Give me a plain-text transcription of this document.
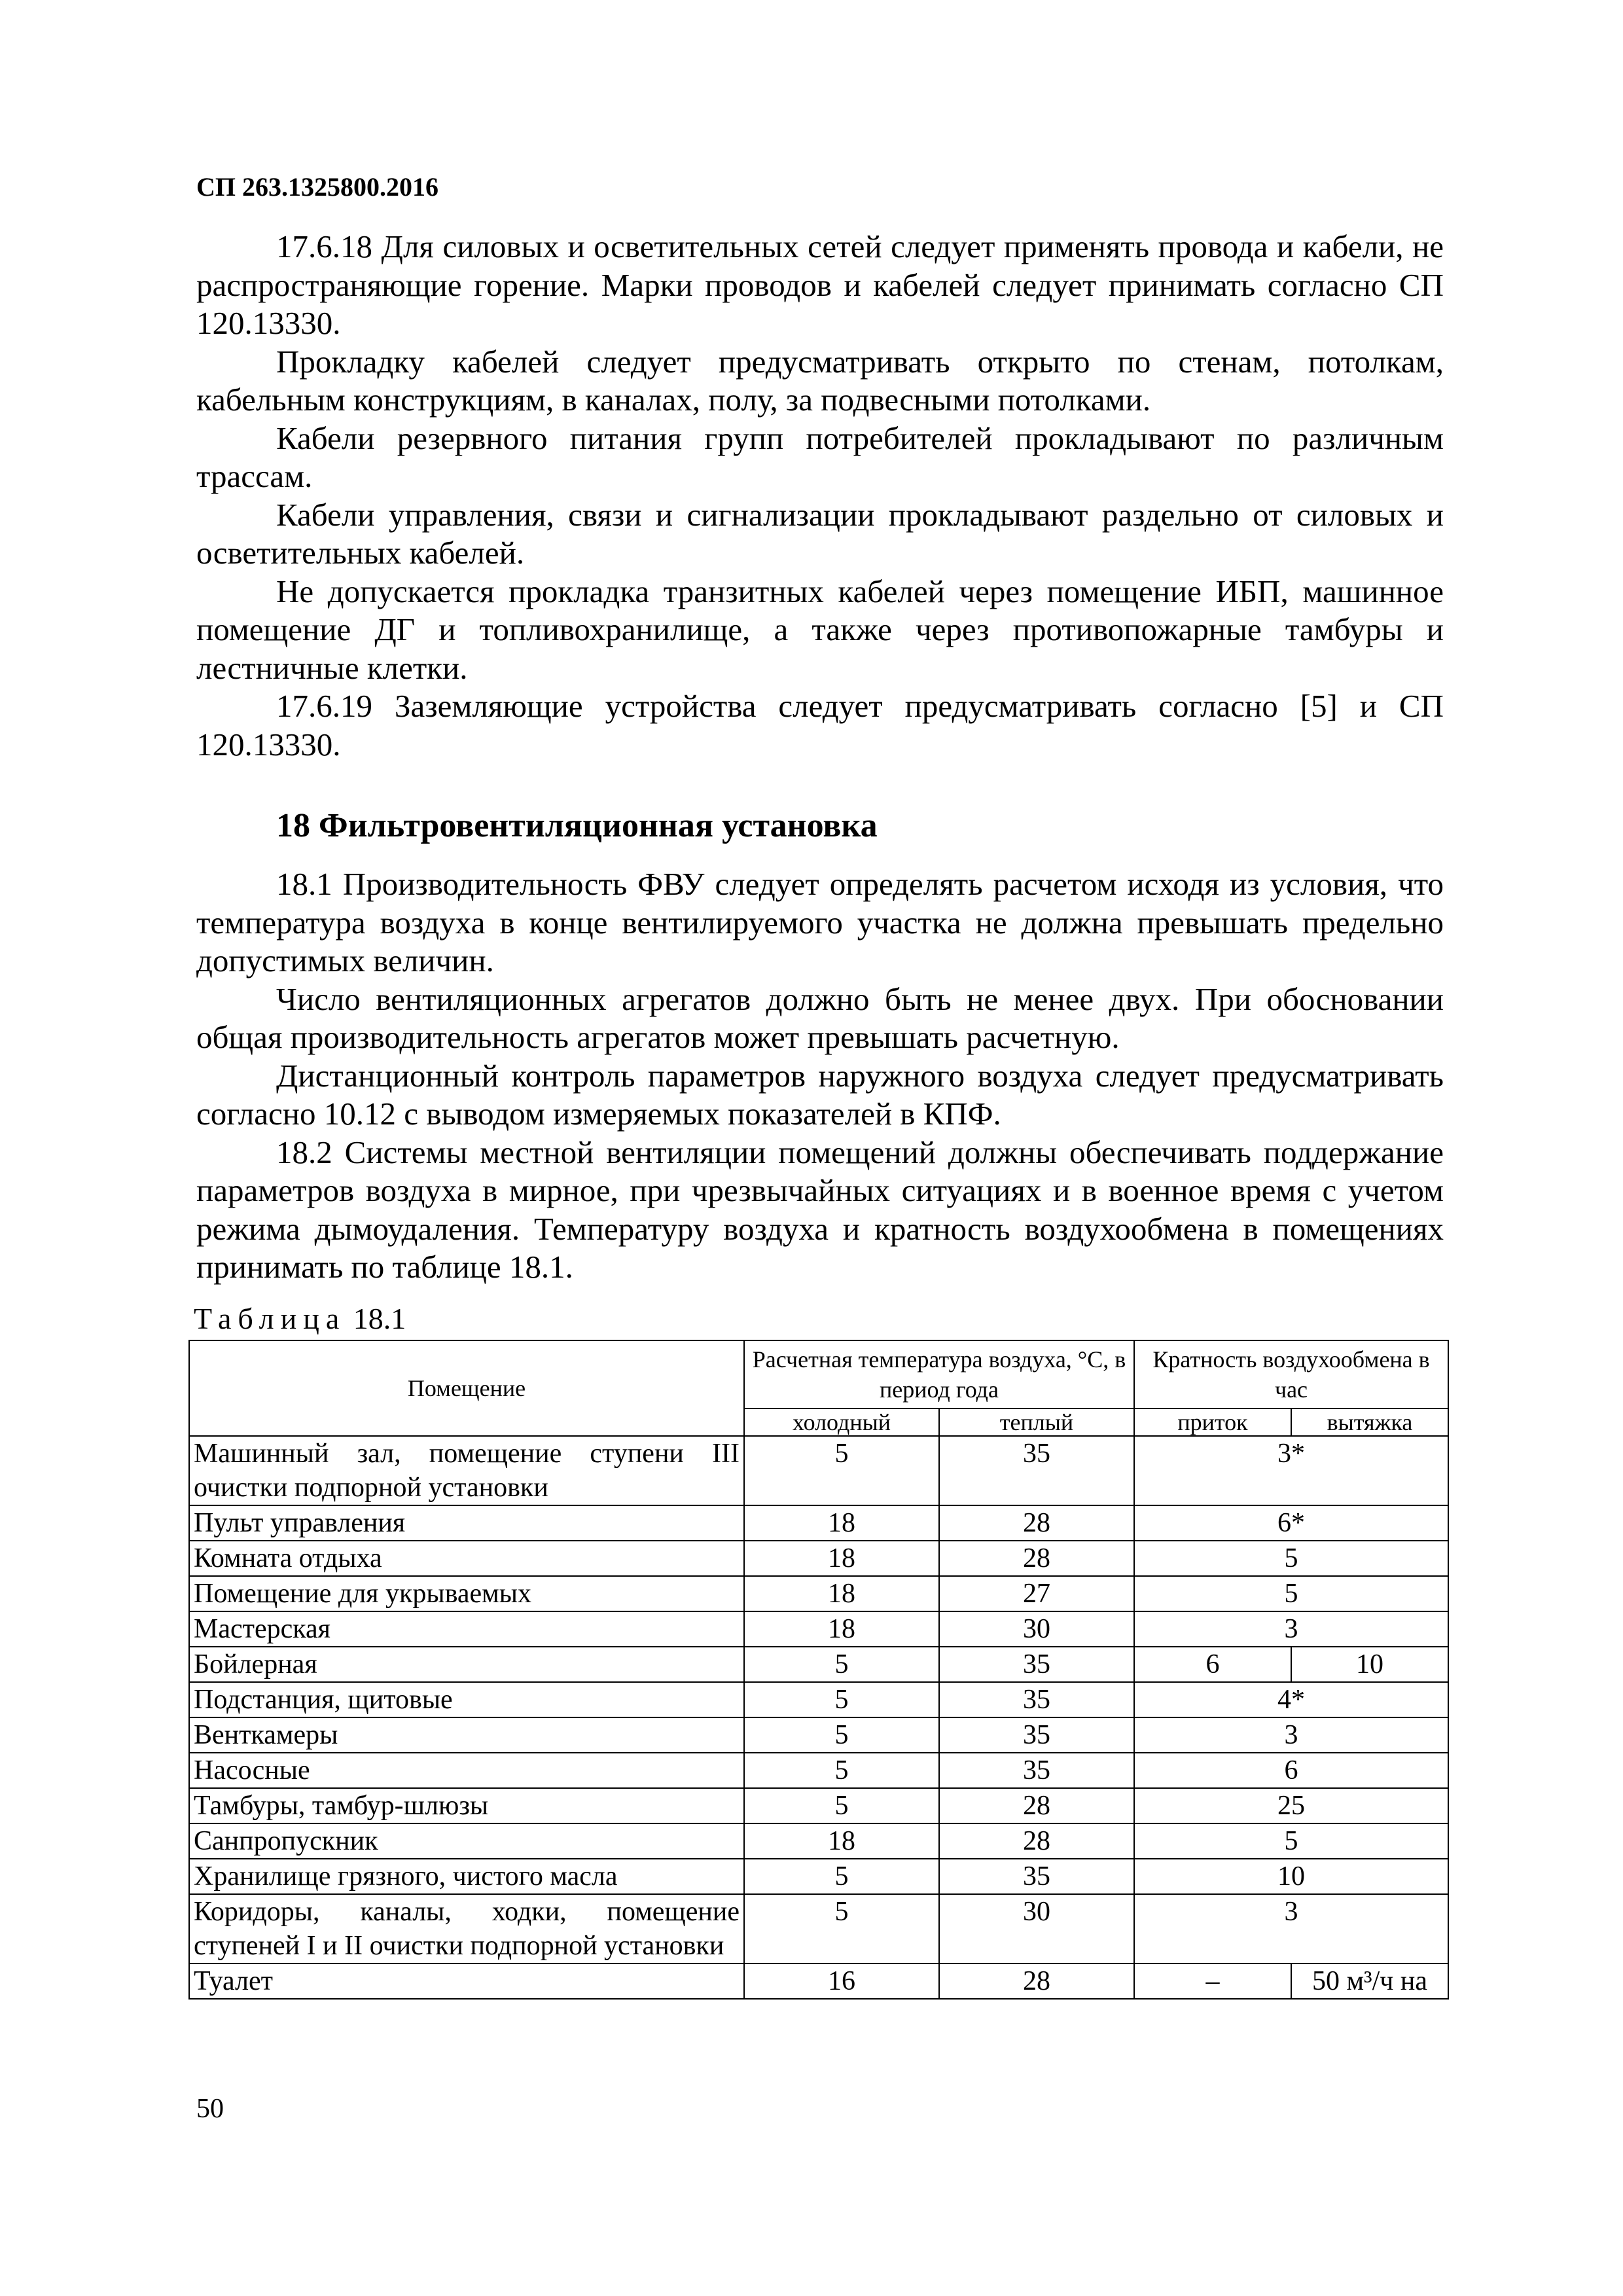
СП 263.1325800.2016

17.6.18 Для силовых и осветительных сетей следует применять провода и кабели, не распространяющие горение. Марки проводов и кабелей следует принимать согласно СП 120.13330.

Прокладку кабелей следует предусматривать открыто по стенам, потолкам, кабельным конструкциям, в каналах, полу, за подвесными потолками.

Кабели резервного питания групп потребителей прокладывают по различным трассам.

Кабели управления, связи и сигнализации прокладывают раздельно от силовых и осветительных кабелей.

Не допускается прокладка транзитных кабелей через помещение ИБП, машинное помещение ДГ и топливохранилище, а также через противопожарные тамбуры и лестничные клетки.

17.6.19 Заземляющие устройства следует предусматривать согласно [5] и СП 120.13330.

18 Фильтровентиляционная установка

18.1 Производительность ФВУ следует определять расчетом исходя из условия, что температура воздуха в конце вентилируемого участка не должна превышать предельно допустимых величин.

Число вентиляционных агрегатов должно быть не менее двух. При обосновании общая производительность агрегатов может превышать расчетную.

Дистанционный контроль параметров наружного воздуха следует предусматривать согласно 10.12 с выводом измеряемых показателей в КПФ.

18.2 Системы местной вентиляции помещений должны обеспечивать поддержание параметров воздуха в мирное, при чрезвычайных ситуациях и в военное время с учетом режима дымоудаления. Температуру воздуха и кратность воздухообмена в помещениях принимать по таблице 18.1.

Таблица 18.1
Помещение	Расчетная температура воздуха, °С, в период года		Кратность воздухообмена в час	
	холодный	теплый	приток	вытяжка
Машинный зал, помещение ступени III очистки подпорной установки	5	35	3*	
Пульт управления	18	28	6*	
Комната отдыха	18	28	5	
Помещение для укрываемых	18	27	5	
Мастерская	18	30	3	
Бойлерная	5	35	6	10
Подстанция, щитовые	5	35	4*	
Венткамеры	5	35	3	
Насосные	5	35	6	
Тамбуры, тамбур-шлюзы	5	28	25	
Санпропускник	18	28	5	
Хранилище грязного, чистого масла	5	35	10	
Коридоры, каналы, ходки, помещение ступеней I и II очистки подпорной установки	5	30	3	
Туалет	16	28	–	50 м³/ч на
50
